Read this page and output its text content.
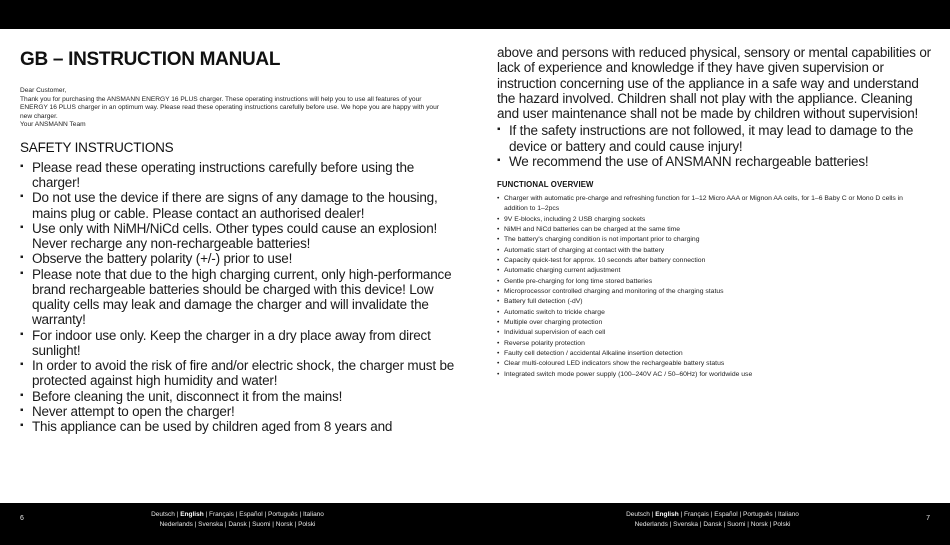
GB – INSTRUCTION MANUAL
Dear Customer,
Thank you for purchasing the ANSMANN ENERGY 16 PLUS charger. These operating instructions will help you to use all features of your ENERGY 16 PLUS charger in an optimum way. Please read these operating instructions carefully before use. We hope you are happy with your new charger.
Your ANSMANN Team
SAFETY INSTRUCTIONS
▪ Please read these operating instructions carefully before using the charger!
▪ Do not use the device if there are signs of any damage to the housing, mains plug or cable. Please contact an authorised dealer!
▪ Use only with NiMH/NiCd cells. Other types could cause an explosion! Never recharge any non-rechargeable batteries!
▪ Observe the battery polarity (+/-) prior to use!
▪ Please note that due to the high charging current, only high-performance brand rechargeable batteries should be charged with this device! Low quality cells may leak and damage the charger and will invalidate the warranty!
▪ For indoor use only. Keep the charger in a dry place away from direct sunlight!
▪ In order to avoid the risk of fire and/or electric shock, the charger must be protected against high humidity and water!
▪ Before cleaning the unit, disconnect it from the mains!
▪ Never attempt to open the charger!
▪ This appliance can be used by children aged from 8 years and
above and persons with reduced physical, sensory or mental capabilities or lack of experience and knowledge if they have given supervision or instruction concerning use of the appliance in a safe way and understand the hazard involved. Children shall not play with the appliance. Cleaning and user maintenance shall not be made by children without supervision!
▪ If the safety instructions are not followed, it may lead to damage to the device or battery and could cause injury!
▪ We recommend the use of ANSMANN rechargeable batteries!
FUNCTIONAL OVERVIEW
• Charger with automatic pre-charge and refreshing function for 1–12 Micro AAA or Mignon AA cells, for 1–6 Baby C or Mono D cells in addition to 1–2pcs
• 9V E-blocks, including 2 USB charging sockets
• NiMH and NiCd batteries can be charged at the same time
• The battery's charging condition is not important prior to charging
• Automatic start of charging at contact with the battery
• Capacity quick-test for approx. 10 seconds after battery connection
• Automatic charging current adjustment
• Gentle pre-charging for long time stored batteries
• Microprocessor controlled charging and monitoring of the charging status
• Battery full detection (-dV)
• Automatic switch to trickle charge
• Multiple over charging protection
• Individual supervision of each cell
• Reverse polarity protection
• Faulty cell detection / accidental Alkaline insertion detection
• Clear multi-coloured LED indicators show the rechargeable battery status
• Integrated switch mode power supply (100–240V AC / 50–60Hz) for worldwide use
6
Deutsch | English | Français | Español | Português | Italiano
Nederlands | Svenska | Dansk | Suomi | Norsk | Polski
7
Deutsch | English | Français | Español | Português | Italiano
Nederlands | Svenska | Dansk | Suomi | Norsk | Polski
